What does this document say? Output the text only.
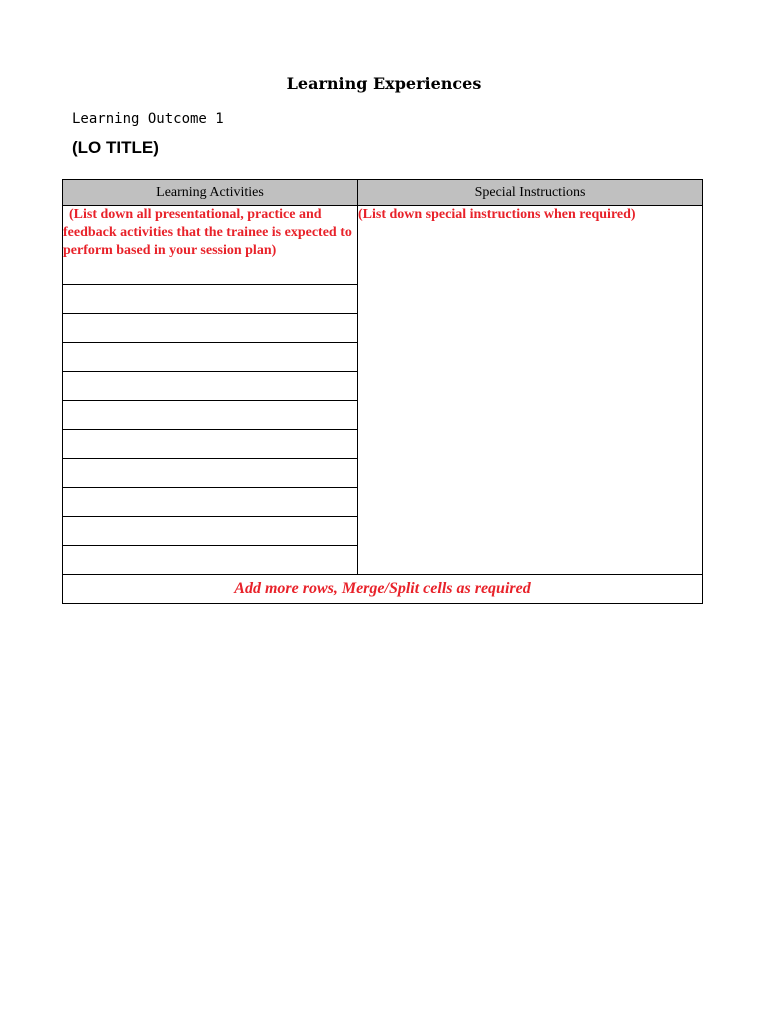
Learning Experiences
Learning Outcome 1
(LO TITLE)
Learning Activities	Special Instructions
(List down all presentational, practice and feedback activities that the trainee is expected to perform based in your session plan)	(List down special instructions when required)

Add more rows, Merge/Split cells as required	
